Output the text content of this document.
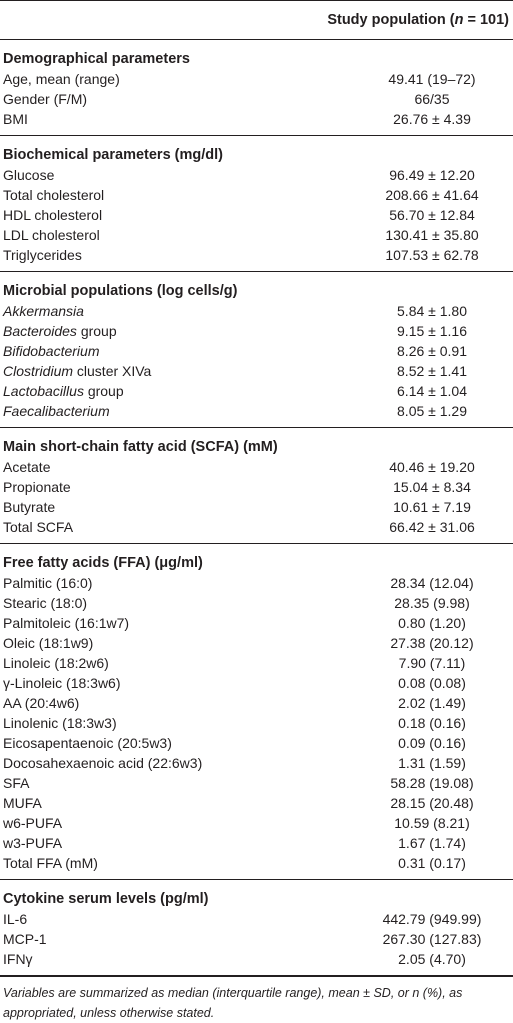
Study population (n = 101)
Demographical parameters
Age, mean (range)	49.41 (19–72)
Gender (F/M)	66/35
BMI	26.76 ± 4.39
Biochemical parameters (mg/dl)
Glucose	96.49 ± 12.20
Total cholesterol	208.66 ± 41.64
HDL cholesterol	56.70 ± 12.84
LDL cholesterol	130.41 ± 35.80
Triglycerides	107.53 ± 62.78
Microbial populations (log cells/g)
Akkermansia	5.84 ± 1.80
Bacteroides group	9.15 ± 1.16
Bifidobacterium	8.26 ± 0.91
Clostridium cluster XIVa	8.52 ± 1.41
Lactobacillus group	6.14 ± 1.04
Faecalibacterium	8.05 ± 1.29
Main short-chain fatty acid (SCFA) (mM)
Acetate	40.46 ± 19.20
Propionate	15.04 ± 8.34
Butyrate	10.61 ± 7.19
Total SCFA	66.42 ± 31.06
Free fatty acids (FFA) (μg/ml)
Palmitic (16:0)	28.34 (12.04)
Stearic (18:0)	28.35 (9.98)
Palmitoleic (16:1w7)	0.80 (1.20)
Oleic (18:1w9)	27.38 (20.12)
Linoleic (18:2w6)	7.90 (7.11)
γ-Linoleic (18:3w6)	0.08 (0.08)
AA (20:4w6)	2.02 (1.49)
Linolenic (18:3w3)	0.18 (0.16)
Eicosapentaenoic (20:5w3)	0.09 (0.16)
Docosahexaenoic acid (22:6w3)	1.31 (1.59)
SFA	58.28 (19.08)
MUFA	28.15 (20.48)
w6-PUFA	10.59 (8.21)
w3-PUFA	1.67 (1.74)
Total FFA (mM)	0.31 (0.17)
Cytokine serum levels (pg/ml)
IL-6	442.79 (949.99)
MCP-1	267.30 (127.83)
IFNγ	2.05 (4.70)
Variables are summarized as median (interquartile range), mean ± SD, or n (%), as appropriated, unless otherwise stated.
